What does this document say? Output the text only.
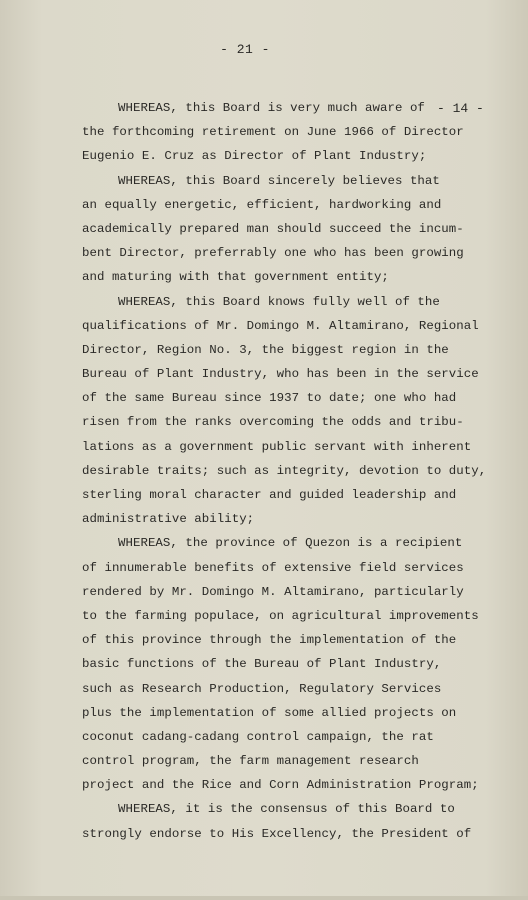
- 21 -
- 14 -
WHEREAS, this Board is very much aware of
the forthcoming retirement on June 1966 of Director
Eugenio E. Cruz as Director of Plant Industry;
WHEREAS, this Board sincerely believes that
an equally energetic, efficient, hardworking and
academically prepared man should succeed the incum-
bent Director, preferrably one who has been growing
and maturing with that government entity;
WHEREAS, this Board knows fully well of the
qualifications of Mr. Domingo M. Altamirano, Regional
Director, Region No. 3, the biggest region in the
Bureau of Plant Industry, who has been in the service
of the same Bureau since 1937 to date; one who had
risen from the ranks overcoming the odds and tribu-
lations as a government public servant with inherent
desirable traits; such as integrity, devotion to duty,
sterling moral character and guided leadership and
administrative ability;
WHEREAS, the province of Quezon is a recipient
of innumerable benefits of extensive field services
rendered by Mr. Domingo M. Altamirano, particularly
to the farming populace, on agricultural improvements
of this province through the implementation of the
basic functions of the Bureau of Plant Industry,
such as Research Production, Regulatory Services
plus the implementation of some allied projects on
coconut cadang-cadang control campaign, the rat
control program, the farm management research
project and the Rice and Corn Administration Program;
WHEREAS, it is the consensus of this Board to
strongly endorse to His Excellency, the President of
